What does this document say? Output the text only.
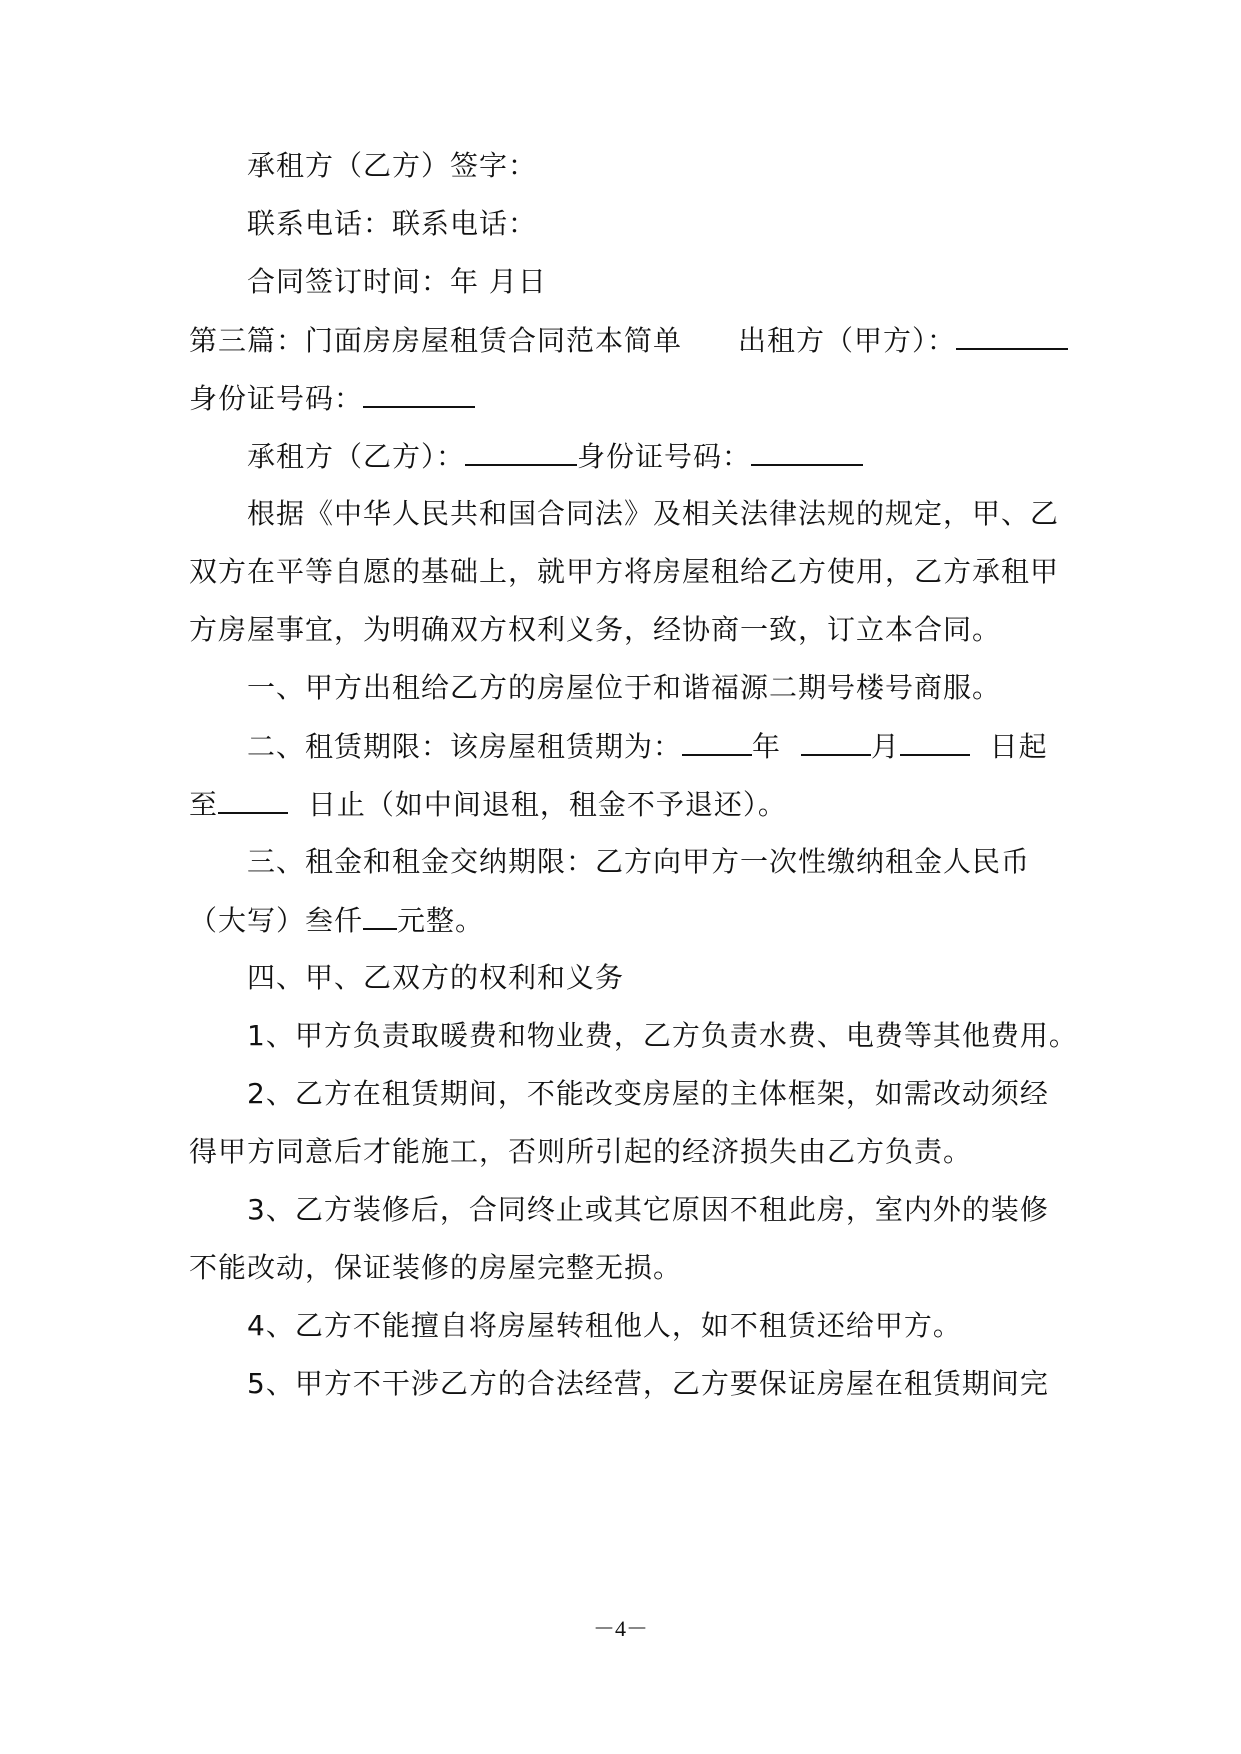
承租方（乙方）签字：
联系电话：联系电话：
合同签订时间：年 月日
第三篇：门面房房屋租赁合同范本简单 出租方（甲方）：
身份证号码：
承租方（乙方）：	身份证号码：
根据《中华人民共和国合同法》及相关法律法规的规定，甲、乙
双方在平等自愿的基础上，就甲方将房屋租给乙方使用，乙方承租甲
方房屋事宜，为明确双方权利义务，经协商一致，订立本合同。
一、甲方出租给乙方的房屋位于和谐福源二期号楼号商服。
二、租赁期限：该房屋租赁期为：	年	月	日起
至	日止（如中间退租，租金不予退还）。
三、租金和租金交纳期限：乙方向甲方一次性缴纳租金人民币
（大写）叁仟 元整。
四、甲、乙双方的权利和义务
1、甲方负责取暖费和物业费，乙方负责水费、电费等其他费用。
2、乙方在租赁期间，不能改变房屋的主体框架，如需改动须经
得甲方同意后才能施工，否则所引起的经济损失由乙方负责。
3、乙方装修后，合同终止或其它原因不租此房，室内外的装修
不能改动，保证装修的房屋完整无损。
4、乙方不能擅自将房屋转租他人，如不租赁还给甲方。
5、甲方不干涉乙方的合法经营，乙方要保证房屋在租赁期间完
－4－
